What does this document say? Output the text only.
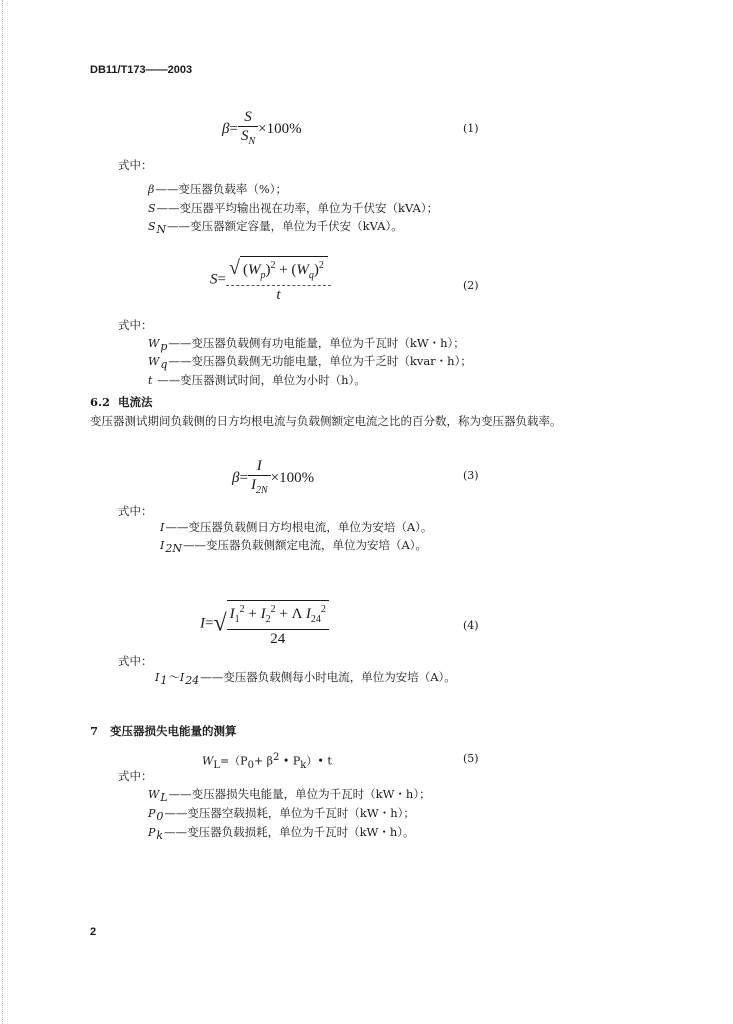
DB11/T173——2003
$\beta= \frac{S}{S_N} \times 100\%$	(1)
式中：
β——变压器负载率（%）；
S——变压器平均输出视在功率，单位为千伏安（kVA）；
$S_N——$变压器额定容量，单位为千伏安（kVA）。
$S= \frac{√ (W_p)^2 + (W_q)^2}{t}$	(2)
式中：
$W_p——$变压器负载侧有功电能量，单位为千瓦时（kW・h）；
$W_q——$变压器负载侧无功能电量，单位为千乏时（kvar・h）；
t ——变压器测试时间，单位为小时（h）。
6.2 电流法
变压器测试期间负载侧的日方均根电流与负载侧额定电流之比的百分数，称为变压器负载率。
$\beta= \frac{I}{I_{2N}} \times 100\%$	(3)
式中：
I——变压器负载侧日方均根电流，单位为安培（A）。
$I_{2N}——$变压器负载侧额定电流，单位为安培（A）。
$I=√ \frac{I_1^2 + I_2^2 + \Lambda I_{24}^2}{24}$	(4)
式中：
$I_1\sim I_{24}——$变压器负载侧每小时电流，单位为安培（A）。
7 变压器损失电能量的测算
$W_L=(P_0+ \beta^2$ • $P_k)•$ t	(5)
式中：
$W_L——$变压器损失电能量，单位为千瓦时（kW・h）；
$P_0——$变压器空载损耗，单位为千瓦时（kW・h）；
$P_k——$变压器负载损耗，单位为千瓦时（kW・h）。
2
